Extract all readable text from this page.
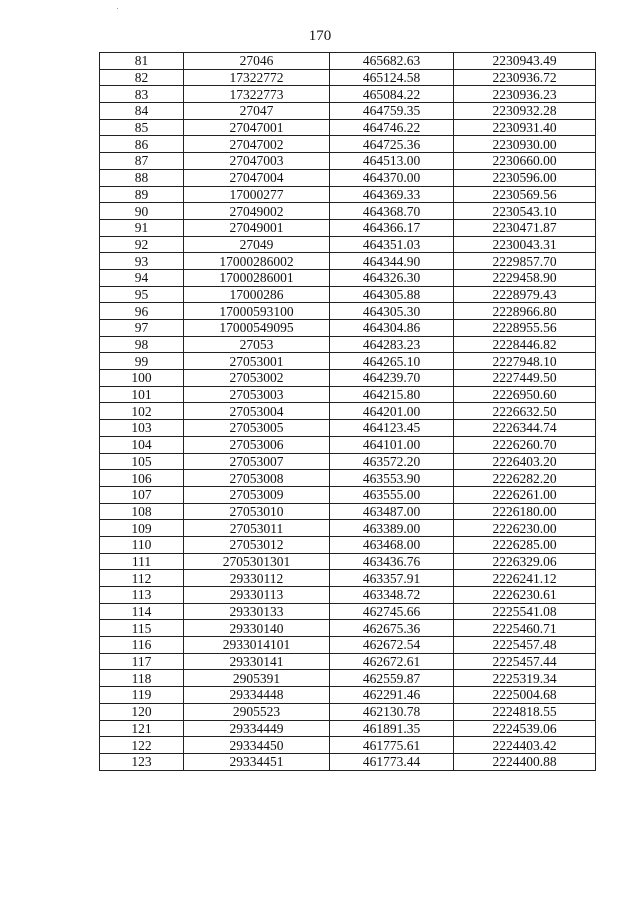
170
81	27046	465682.63	2230943.49
82	17322772	465124.58	2230936.72
83	17322773	465084.22	2230936.23
84	27047	464759.35	2230932.28
85	27047001	464746.22	2230931.40
86	27047002	464725.36	2230930.00
87	27047003	464513.00	2230660.00
88	27047004	464370.00	2230596.00
89	17000277	464369.33	2230569.56
90	27049002	464368.70	2230543.10
91	27049001	464366.17	2230471.87
92	27049	464351.03	2230043.31
93	17000286002	464344.90	2229857.70
94	17000286001	464326.30	2229458.90
95	17000286	464305.88	2228979.43
96	17000593100	464305.30	2228966.80
97	17000549095	464304.86	2228955.56
98	27053	464283.23	2228446.82
99	27053001	464265.10	2227948.10
100	27053002	464239.70	2227449.50
101	27053003	464215.80	2226950.60
102	27053004	464201.00	2226632.50
103	27053005	464123.45	2226344.74
104	27053006	464101.00	2226260.70
105	27053007	463572.20	2226403.20
106	27053008	463553.90	2226282.20
107	27053009	463555.00	2226261.00
108	27053010	463487.00	2226180.00
109	27053011	463389.00	2226230.00
110	27053012	463468.00	2226285.00
111	2705301301	463436.76	2226329.06
112	29330112	463357.91	2226241.12
113	29330113	463348.72	2226230.61
114	29330133	462745.66	2225541.08
115	29330140	462675.36	2225460.71
116	2933014101	462672.54	2225457.48
117	29330141	462672.61	2225457.44
118	2905391	462559.87	2225319.34
119	29334448	462291.46	2225004.68
120	2905523	462130.78	2224818.55
121	29334449	461891.35	2224539.06
122	29334450	461775.61	2224403.42
123	29334451	461773.44	2224400.88
